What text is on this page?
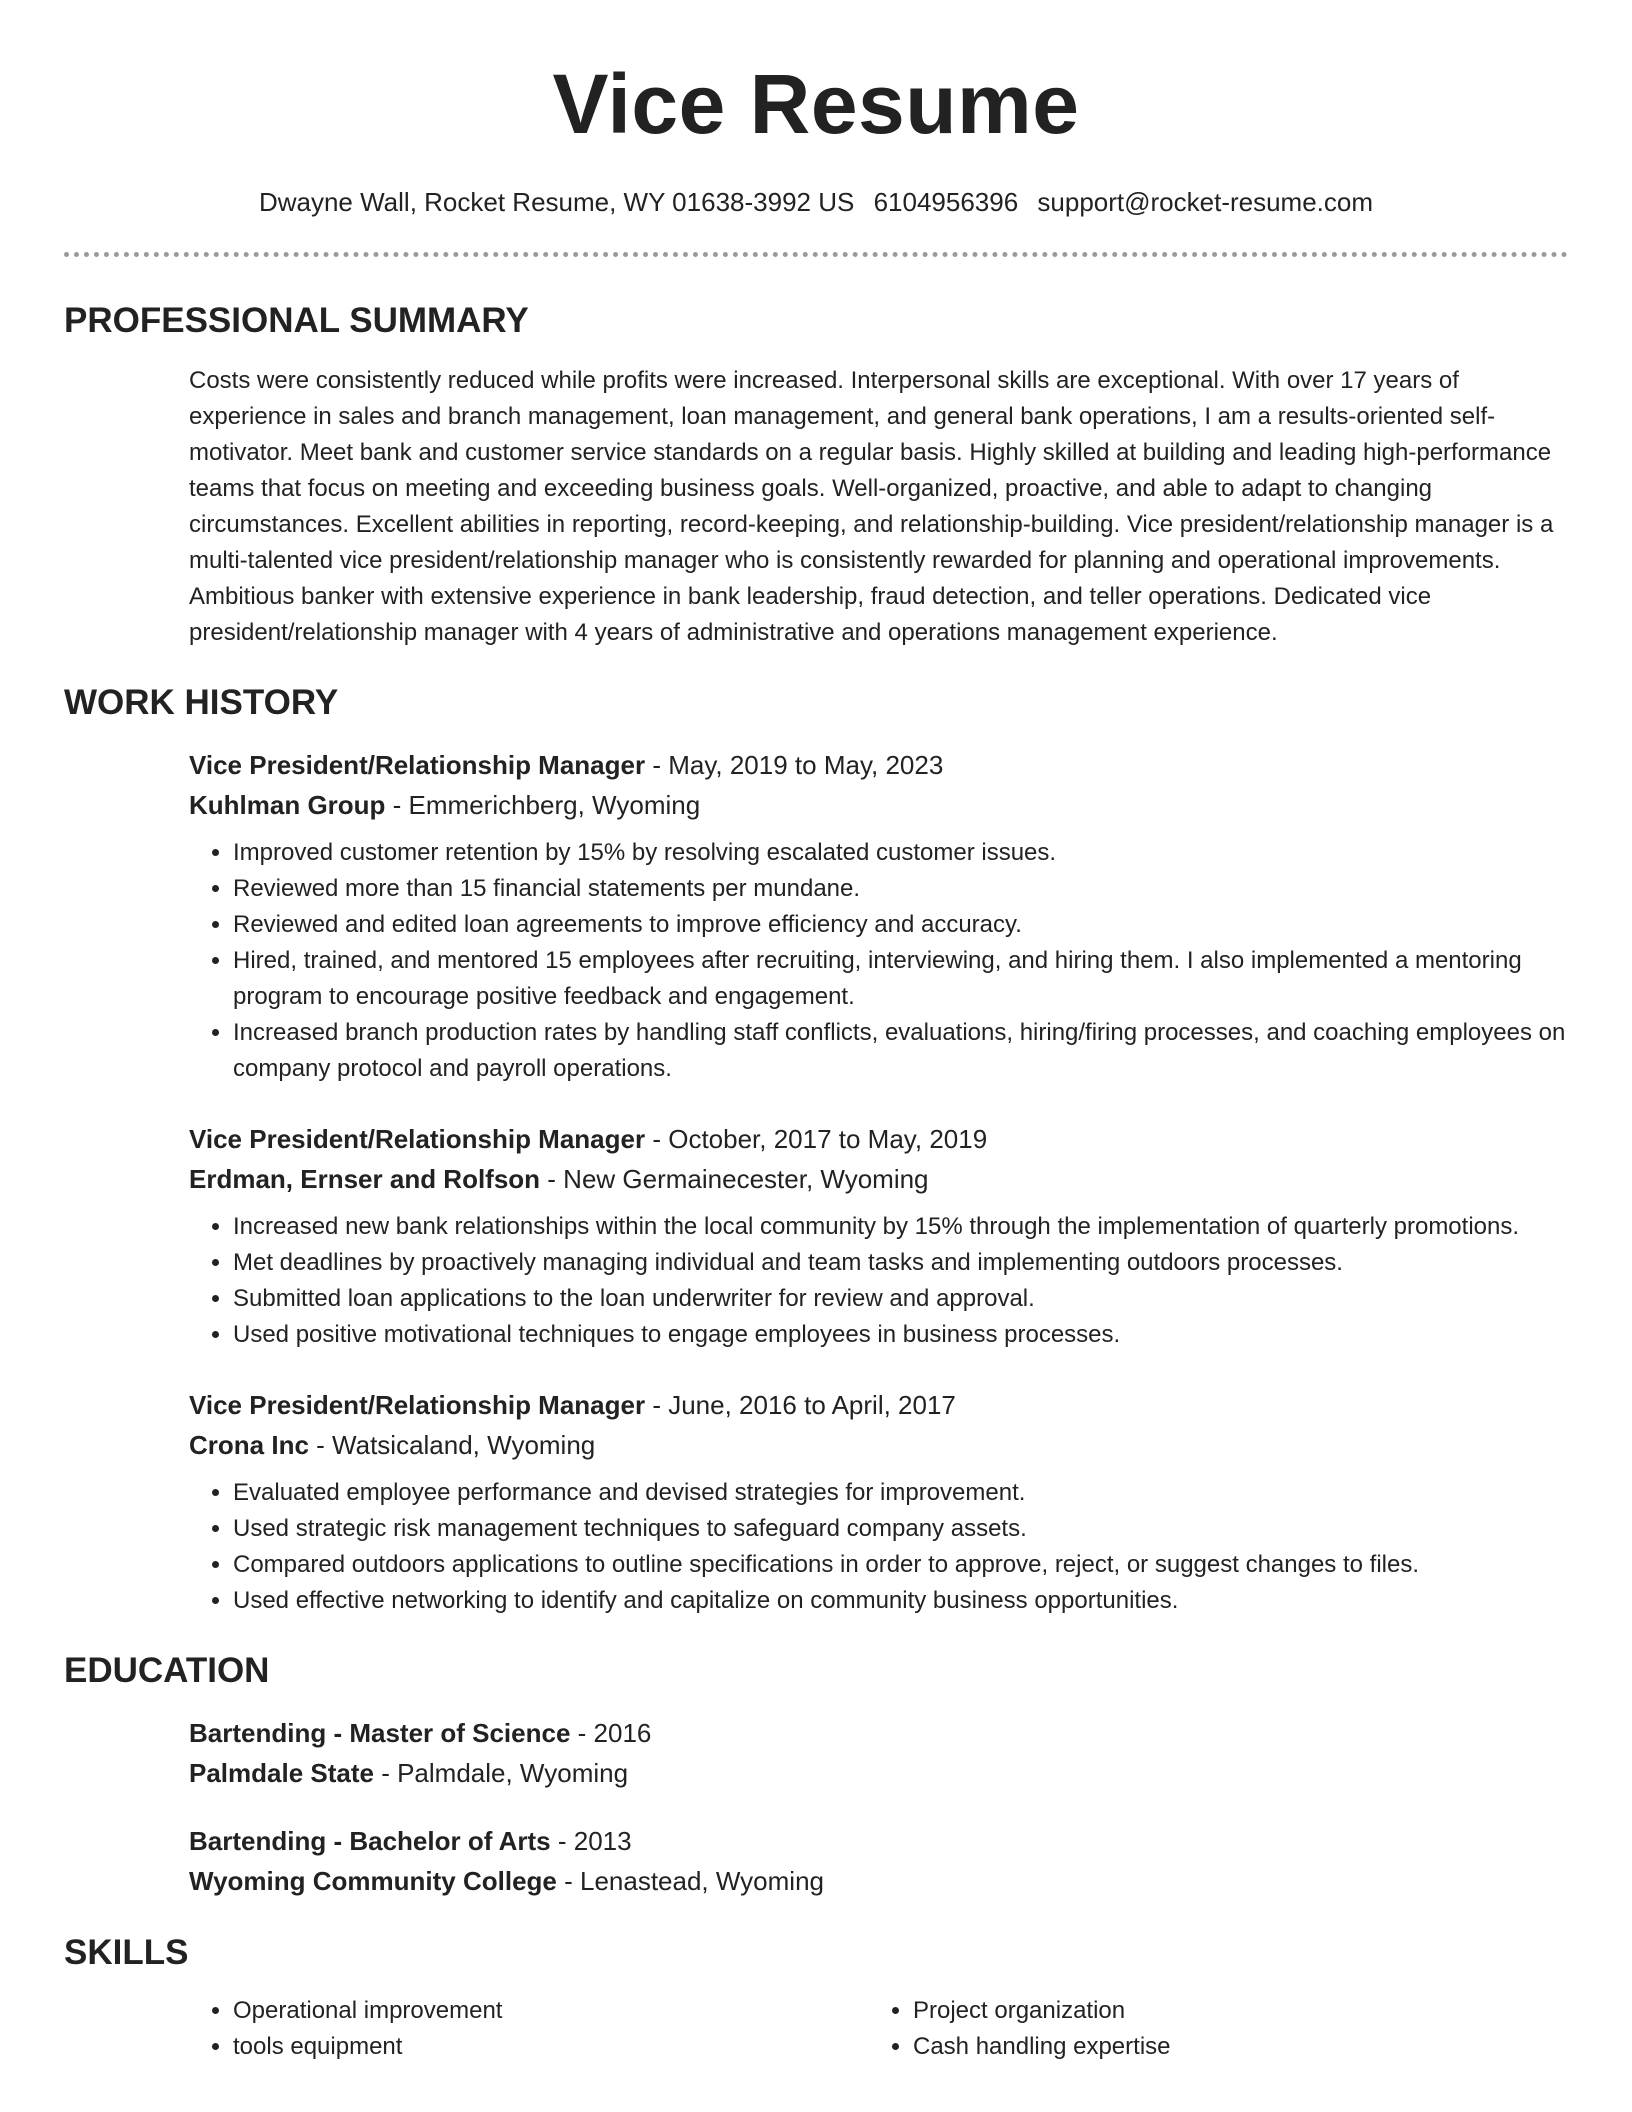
Vice Resume
Dwayne Wall, Rocket Resume, WY 01638-3992 US 6104956396 support@rocket-resume.com
PROFESSIONAL SUMMARY

Costs were consistently reduced while profits were increased. Interpersonal skills are exceptional. With over 17 years of experience in sales and branch management, loan management, and general bank operations, I am a results-oriented self-motivator. Meet bank and customer service standards on a regular basis. Highly skilled at building and leading high-performance teams that focus on meeting and exceeding business goals. Well-organized, proactive, and able to adapt to changing circumstances. Excellent abilities in reporting, record-keeping, and relationship-building. Vice president/relationship manager is a multi-talented vice president/relationship manager who is consistently rewarded for planning and operational improvements. Ambitious banker with extensive experience in bank leadership, fraud detection, and teller operations. Dedicated vice president/relationship manager with 4 years of administrative and operations management experience.

WORK HISTORY

Vice President/Relationship Manager - May, 2019 to May, 2023

Kuhlman Group - Emmerichberg, Wyoming

• Improved customer retention by 15% by resolving escalated customer issues.
• Reviewed more than 15 financial statements per mundane.
• Reviewed and edited loan agreements to improve efficiency and accuracy.
• Hired, trained, and mentored 15 employees after recruiting, interviewing, and hiring them. I also implemented a mentoring program to encourage positive feedback and engagement.
• Increased branch production rates by handling staff conflicts, evaluations, hiring/firing processes, and coaching employees on company protocol and payroll operations.

Vice President/Relationship Manager - October, 2017 to May, 2019

Erdman, Ernser and Rolfson - New Germainecester, Wyoming

• Increased new bank relationships within the local community by 15% through the implementation of quarterly promotions.
• Met deadlines by proactively managing individual and team tasks and implementing outdoors processes.
• Submitted loan applications to the loan underwriter for review and approval.
• Used positive motivational techniques to engage employees in business processes.

Vice President/Relationship Manager - June, 2016 to April, 2017

Crona Inc - Watsicaland, Wyoming

• Evaluated employee performance and devised strategies for improvement.
• Used strategic risk management techniques to safeguard company assets.
• Compared outdoors applications to outline specifications in order to approve, reject, or suggest changes to files.
• Used effective networking to identify and capitalize on community business opportunities.
EDUCATION

Bartending - Master of Science - 2016

Palmdale State - Palmdale, Wyoming

Bartending - Bachelor of Arts - 2013

Wyoming Community College - Lenastead, Wyoming

SKILLS
• Operational improvement
• tools equipment
• Project organization
• Cash handling expertise
